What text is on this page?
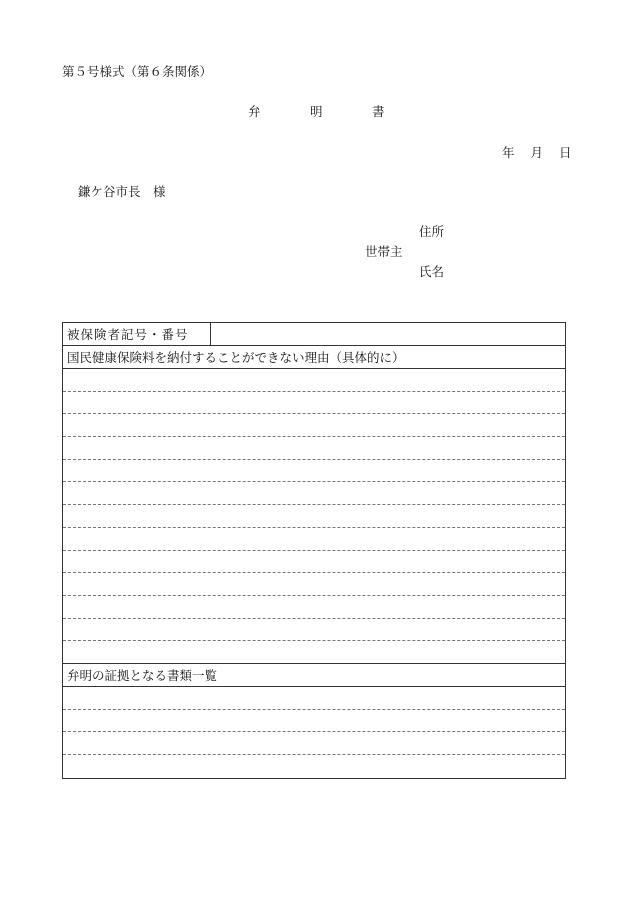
第５号様式（第６条関係）
弁	明	書
年 月 日
鎌ケ谷市長　様
住所
世帯主
氏名
被保険者記号・番号
国民健康保険料を納付することができない理由（具体的に）
弁明の証拠となる書類一覧
